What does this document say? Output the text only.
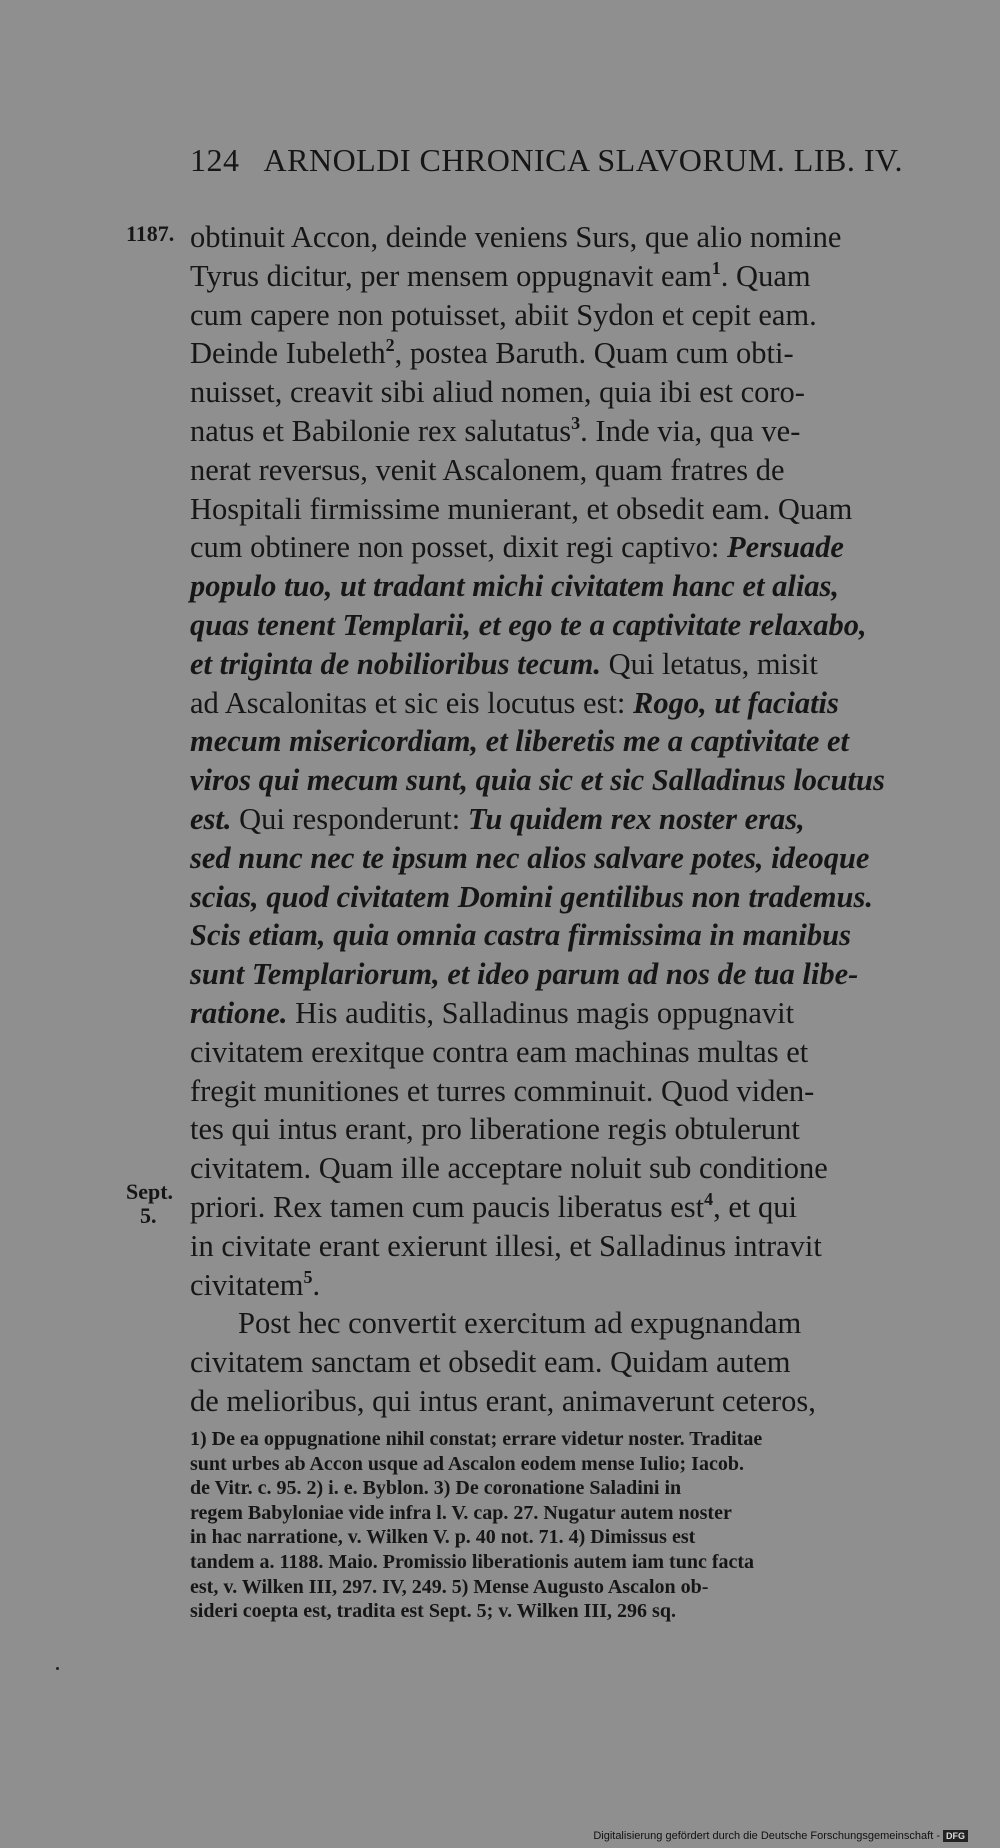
124 ARNOLDI CHRONICA SLAVORUM. LIB. IV.
1187.
Sept.
5.
obtinuit Accon, deinde veniens Surs, que alio nomine
Tyrus dicitur, per mensem oppugnavit eam$^1$. Quam
cum capere non potuisset, abiit Sydon et cepit eam.
Deinde Iubeleth$^2$, postea Baruth. Quam cum obti-
nuisset, creavit sibi aliud nomen, quia ibi est coro-
natus et Babilonie rex salutatus$^3$. Inde via, qua ve-
nerat reversus, venit Ascalonem, quam fratres de
Hospitali firmissime munierant, et obsedit eam. Quam
cum obtinere non posset, dixit regi captivo: Persuade
populo tuo, ut tradant michi civitatem hanc et alias,
quas tenent Templarii, et ego te a captivitate relaxabo,
et triginta de nobilioribus tecum. Qui letatus, misit
ad Ascalonitas et sic eis locutus est: Rogo, ut faciatis
mecum misericordiam, et liberetis me a captivitate et
viros qui mecum sunt, quia sic et sic Salladinus locutus
est. Qui responderunt: Tu quidem rex noster eras,
sed nunc nec te ipsum nec alios salvare potes, ideoque
scias, quod civitatem Domini gentilibus non trademus.
Scis etiam, quia omnia castra firmissima in manibus
sunt Templariorum, et ideo parum ad nos de tua libe-
ratione. His auditis, Salladinus magis oppugnavit
civitatem erexitque contra eam machinas multas et
fregit munitiones et turres comminuit. Quod viden-
tes qui intus erant, pro liberatione regis obtulerunt
civitatem. Quam ille acceptare noluit sub conditione
priori. Rex tamen cum paucis liberatus est$^4$, et qui
in civitate erant exierunt illesi, et Salladinus intravit
civitatem$^5$.
Post hec convertit exercitum ad expugnandam
civitatem sanctam et obsedit eam. Quidam autem
de melioribus, qui intus erant, animaverunt ceteros,
1) De ea oppugnatione nihil constat; errare videtur noster. Traditae
sunt urbes ab Accon usque ad Ascalon eodem mense Iulio; Iacob.
de Vitr. c. 95. 2) i. e. Byblon. 3) De coronatione Saladini in
regem Babyloniae vide infra l. V. cap. 27. Nugatur autem noster
in hac narratione, v. Wilken V. p. 40 not. 71. 4) Dimissus est
tandem a. 1188. Maio. Promissio liberationis autem iam tunc facta
est, v. Wilken III, 297. IV, 249. 5) Mense Augusto Ascalon ob-
sideri coepta est, tradita est Sept. 5; v. Wilken III, 296 sq.
Digitalisierung gefördert durch die Deutsche Forschungsgemeinschaft - DFG
